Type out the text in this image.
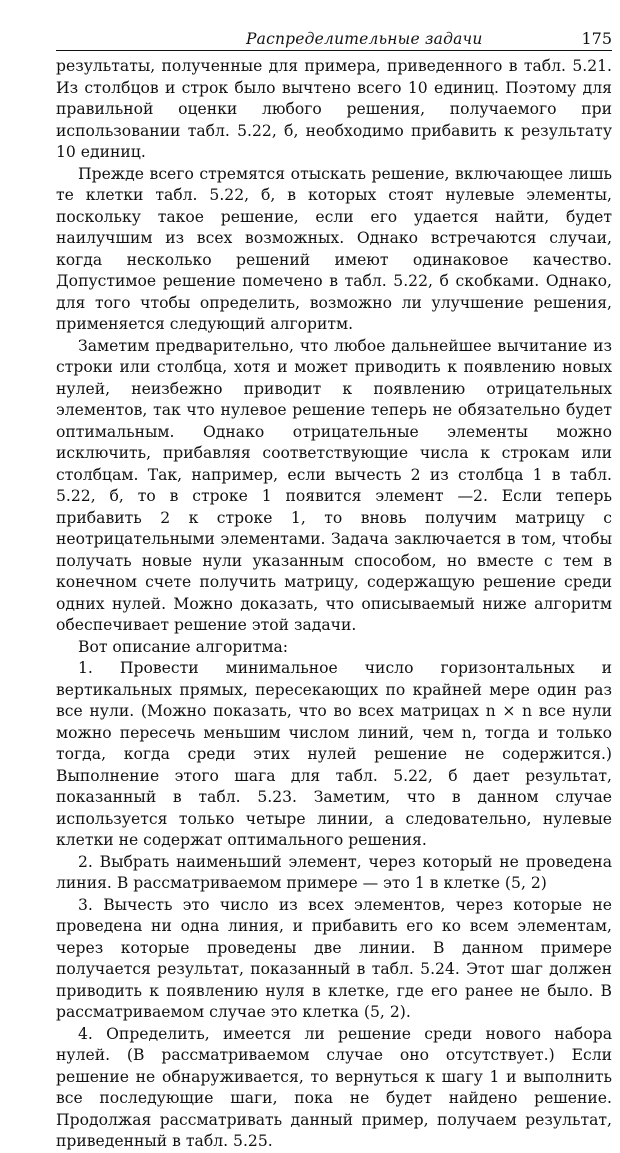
Распределительные задачи	175

результаты, полученные для примера, приведенного в табл. 5.21. Из столбцов и строк было вычтено всего 10 единиц. Поэтому для правильной оценки любого решения, получаемого при использовании табл. 5.22, б, необходимо прибавить к результату 10 единиц.

Прежде всего стремятся отыскать решение, включающее лишь те клетки табл. 5.22, б, в которых стоят нулевые элементы, поскольку такое решение, если его удается найти, будет наилучшим из всех возможных. Однако встречаются случаи, когда несколько решений имеют одинаковое качество. Допустимое решение помечено в табл. 5.22, б скобками. Однако, для того чтобы определить, возможно ли улучшение решения, применяется следующий алгоритм.

Заметим предварительно, что любое дальнейшее вычитание из строки или столбца, хотя и может приводить к появлению новых нулей, неизбежно приводит к появлению отрицательных элементов, так что нулевое решение теперь не обязательно будет оптимальным. Однако отрицательные элементы можно исключить, прибавляя соответствующие числа к строкам или столбцам. Так, например, если вычесть 2 из столбца 1 в табл. 5.22, б, то в строке 1 появится элемент —2. Если теперь прибавить 2 к строке 1, то вновь получим матрицу с неотрицательными элементами. Задача заключается в том, чтобы получать новые нули указанным способом, но вместе с тем в конечном счете получить матрицу, содержащую решение среди одних нулей. Можно доказать, что описываемый ниже алгоритм обеспечивает решение этой задачи.

Вот описание алгоритма:

1. Провести минимальное число горизонтальных и вертикальных прямых, пересекающих по крайней мере один раз все нули. (Можно показать, что во всех матрицах n × n все нули можно пересечь меньшим числом линий, чем n, тогда и только тогда, когда среди этих нулей решение не содержится.) Выполнение этого шага для табл. 5.22, б дает результат, показанный в табл. 5.23. Заметим, что в данном случае используется только четыре линии, а следовательно, нулевые клетки не содержат оптимального решения.

2. Выбрать наименьший элемент, через который не проведена линия. В рассматриваемом примере — это 1 в клетке (5, 2)

3. Вычесть это число из всех элементов, через которые не проведена ни одна линия, и прибавить его ко всем элементам, через которые проведены две линии. В данном примере получается результат, показанный в табл. 5.24. Этот шаг должен приводить к появлению нуля в клетке, где его ранее не было. В рассматриваемом случае это клетка (5, 2).

4. Определить, имеется ли решение среди нового набора нулей. (В рассматриваемом случае оно отсутствует.) Если решение не обнаруживается, то вернуться к шагу 1 и выполнить все последующие шаги, пока не будет найдено решение. Продолжая рассматривать данный пример, получаем результат, приведенный в табл. 5.25.
